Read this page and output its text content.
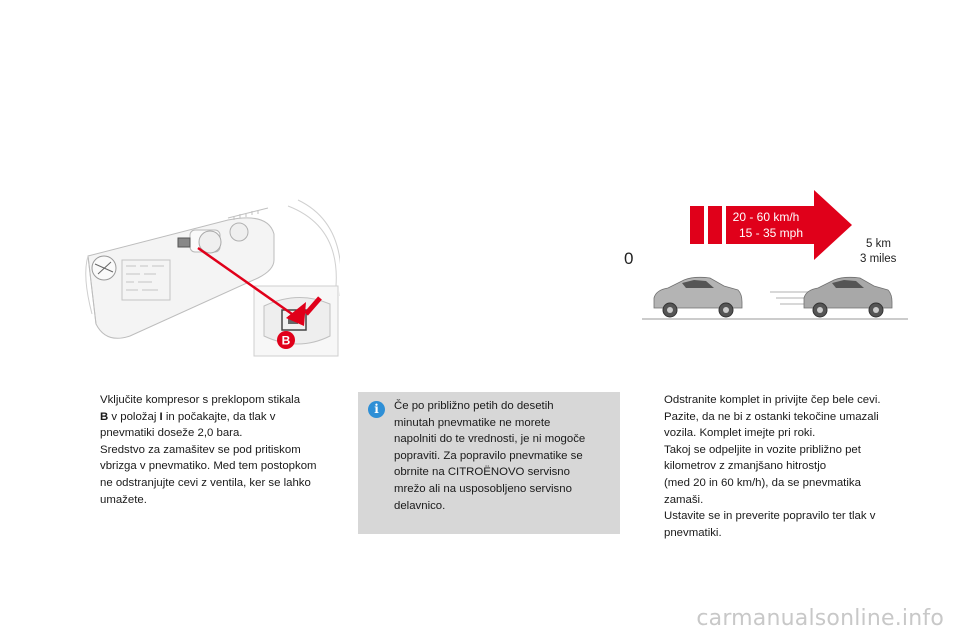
B
20 - 60 km/h
15 - 35 mph
0
5 km
3 miles
Vključite kompresor s preklopom stikala
B v položaj I in počakajte, da tlak v
pnevmatiki doseže 2,0 bara.
Sredstvo za zamašitev se pod pritiskom
vbrizga v pnevmatiko. Med tem postopkom
ne odstranjujte cevi z ventila, ker se lahko
umažete.
i	Če po približno petih do desetih
minutah pnevmatike ne morete
napolniti do te vrednosti, je ni mogoče
popraviti. Za popravilo pnevmatike se
obrnite na CITROËNOVO servisno
mrežo ali na usposobljeno servisno
delavnico.
Odstranite komplet in privijte čep bele cevi.
Pazite, da ne bi z ostanki tekočine umazali
vozila. Komplet imejte pri roki.
Takoj se odpeljite in vozite približno pet
kilometrov z zmanjšano hitrostjo
(med 20 in 60 km/h), da se pnevmatika
zamaši.
Ustavite se in preverite popravilo ter tlak v
pnevmatiki.
carmanualsonline.info
